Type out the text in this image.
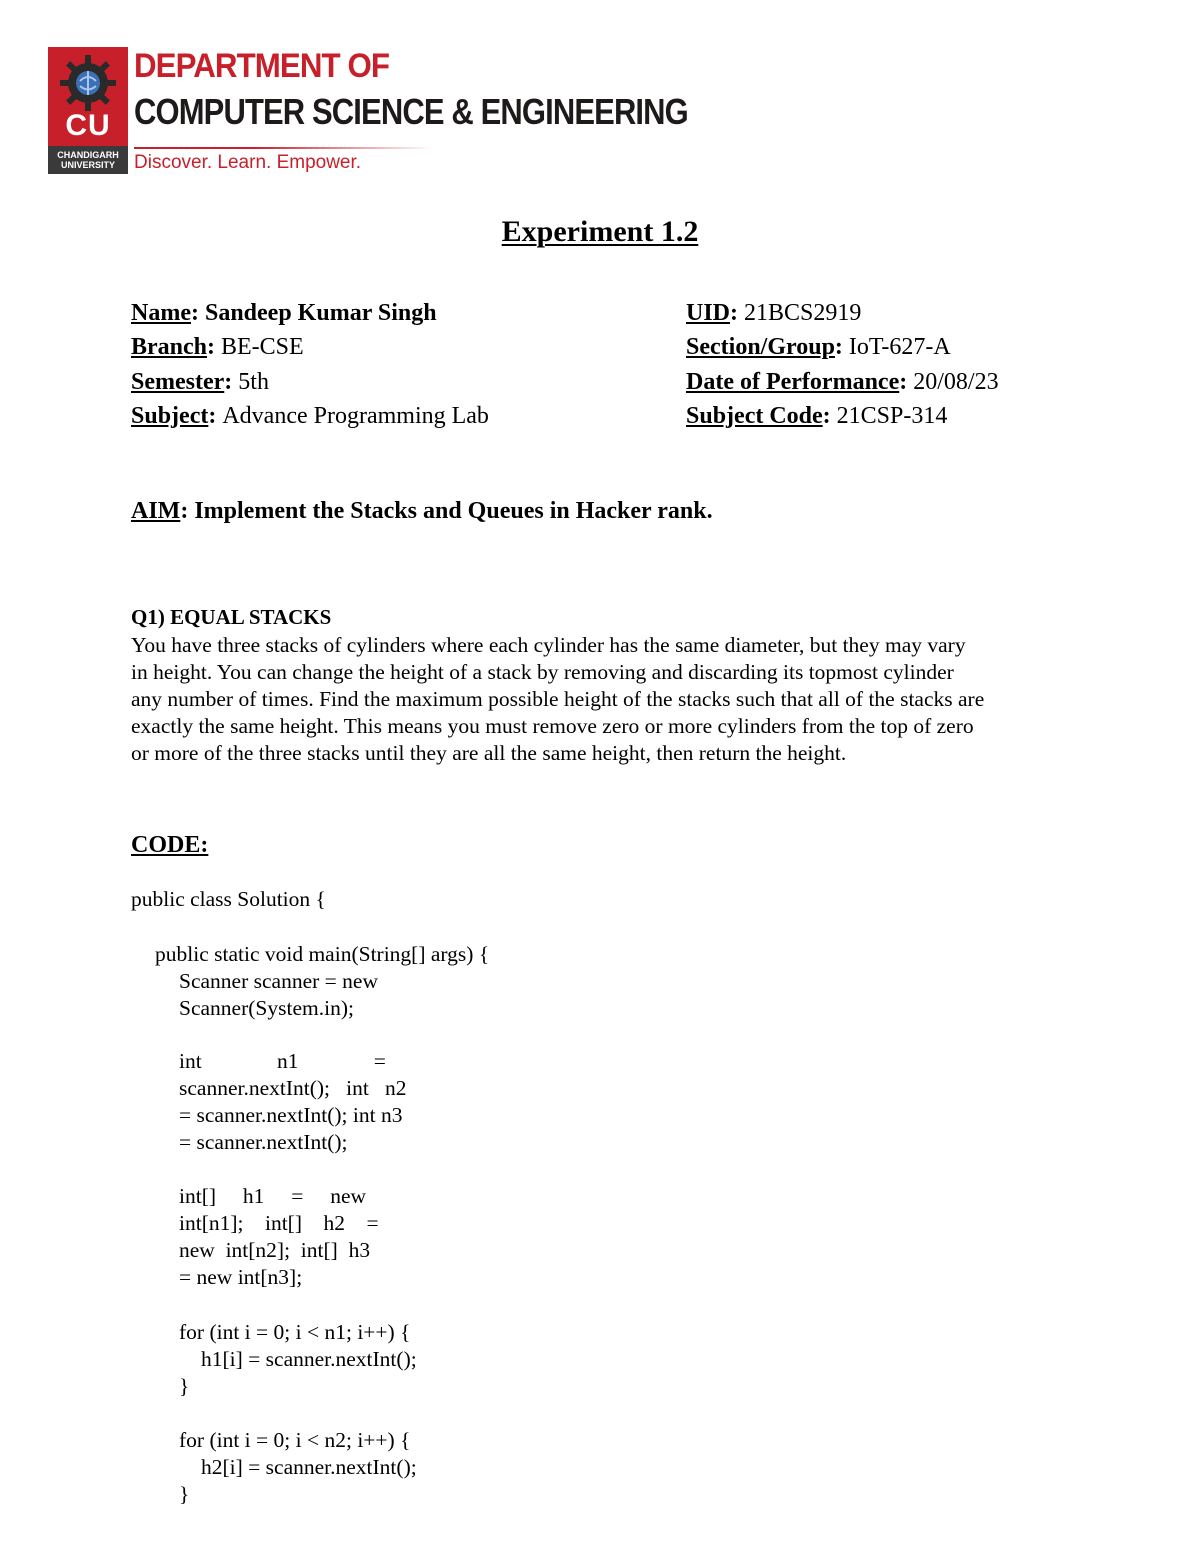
CU
CHANDIGARH UNIVERSITY
DEPARTMENT OF
COMPUTER SCIENCE & ENGINEERING
Discover. Learn. Empower.
Experiment 1.2
Name: Sandeep Kumar Singh
Branch: BE-CSE
Semester: 5th
Subject: Advance Programming Lab
UID: 21BCS2919
Section/Group: IoT-627-A
Date of Performance: 20/08/23
Subject Code: 21CSP-314
AIM: Implement the Stacks and Queues in Hacker rank.
Q1) EQUAL STACKS
You have three stacks of cylinders where each cylinder has the same diameter, but they may vary
in height. You can change the height of a stack by removing and discarding its topmost cylinder
any number of times. Find the maximum possible height of the stacks such that all of the stacks are
exactly the same height. This means you must remove zero or more cylinders from the top of zero
or more of the three stacks until they are all the same height, then return the height.
CODE:
public class Solution {
public static void main(String[] args) {
Scanner scanner = new
Scanner(System.in);
int              n1              =
scanner.nextInt();   int   n2
= scanner.nextInt(); int n3
= scanner.nextInt();
int[]     h1     =     new
int[n1];    int[]    h2    =
new  int[n2];  int[]  h3
= new int[n3];
for (int i = 0; i < n1; i++) {
h1[i] = scanner.nextInt();
}
for (int i = 0; i < n2; i++) {
h2[i] = scanner.nextInt();
}
